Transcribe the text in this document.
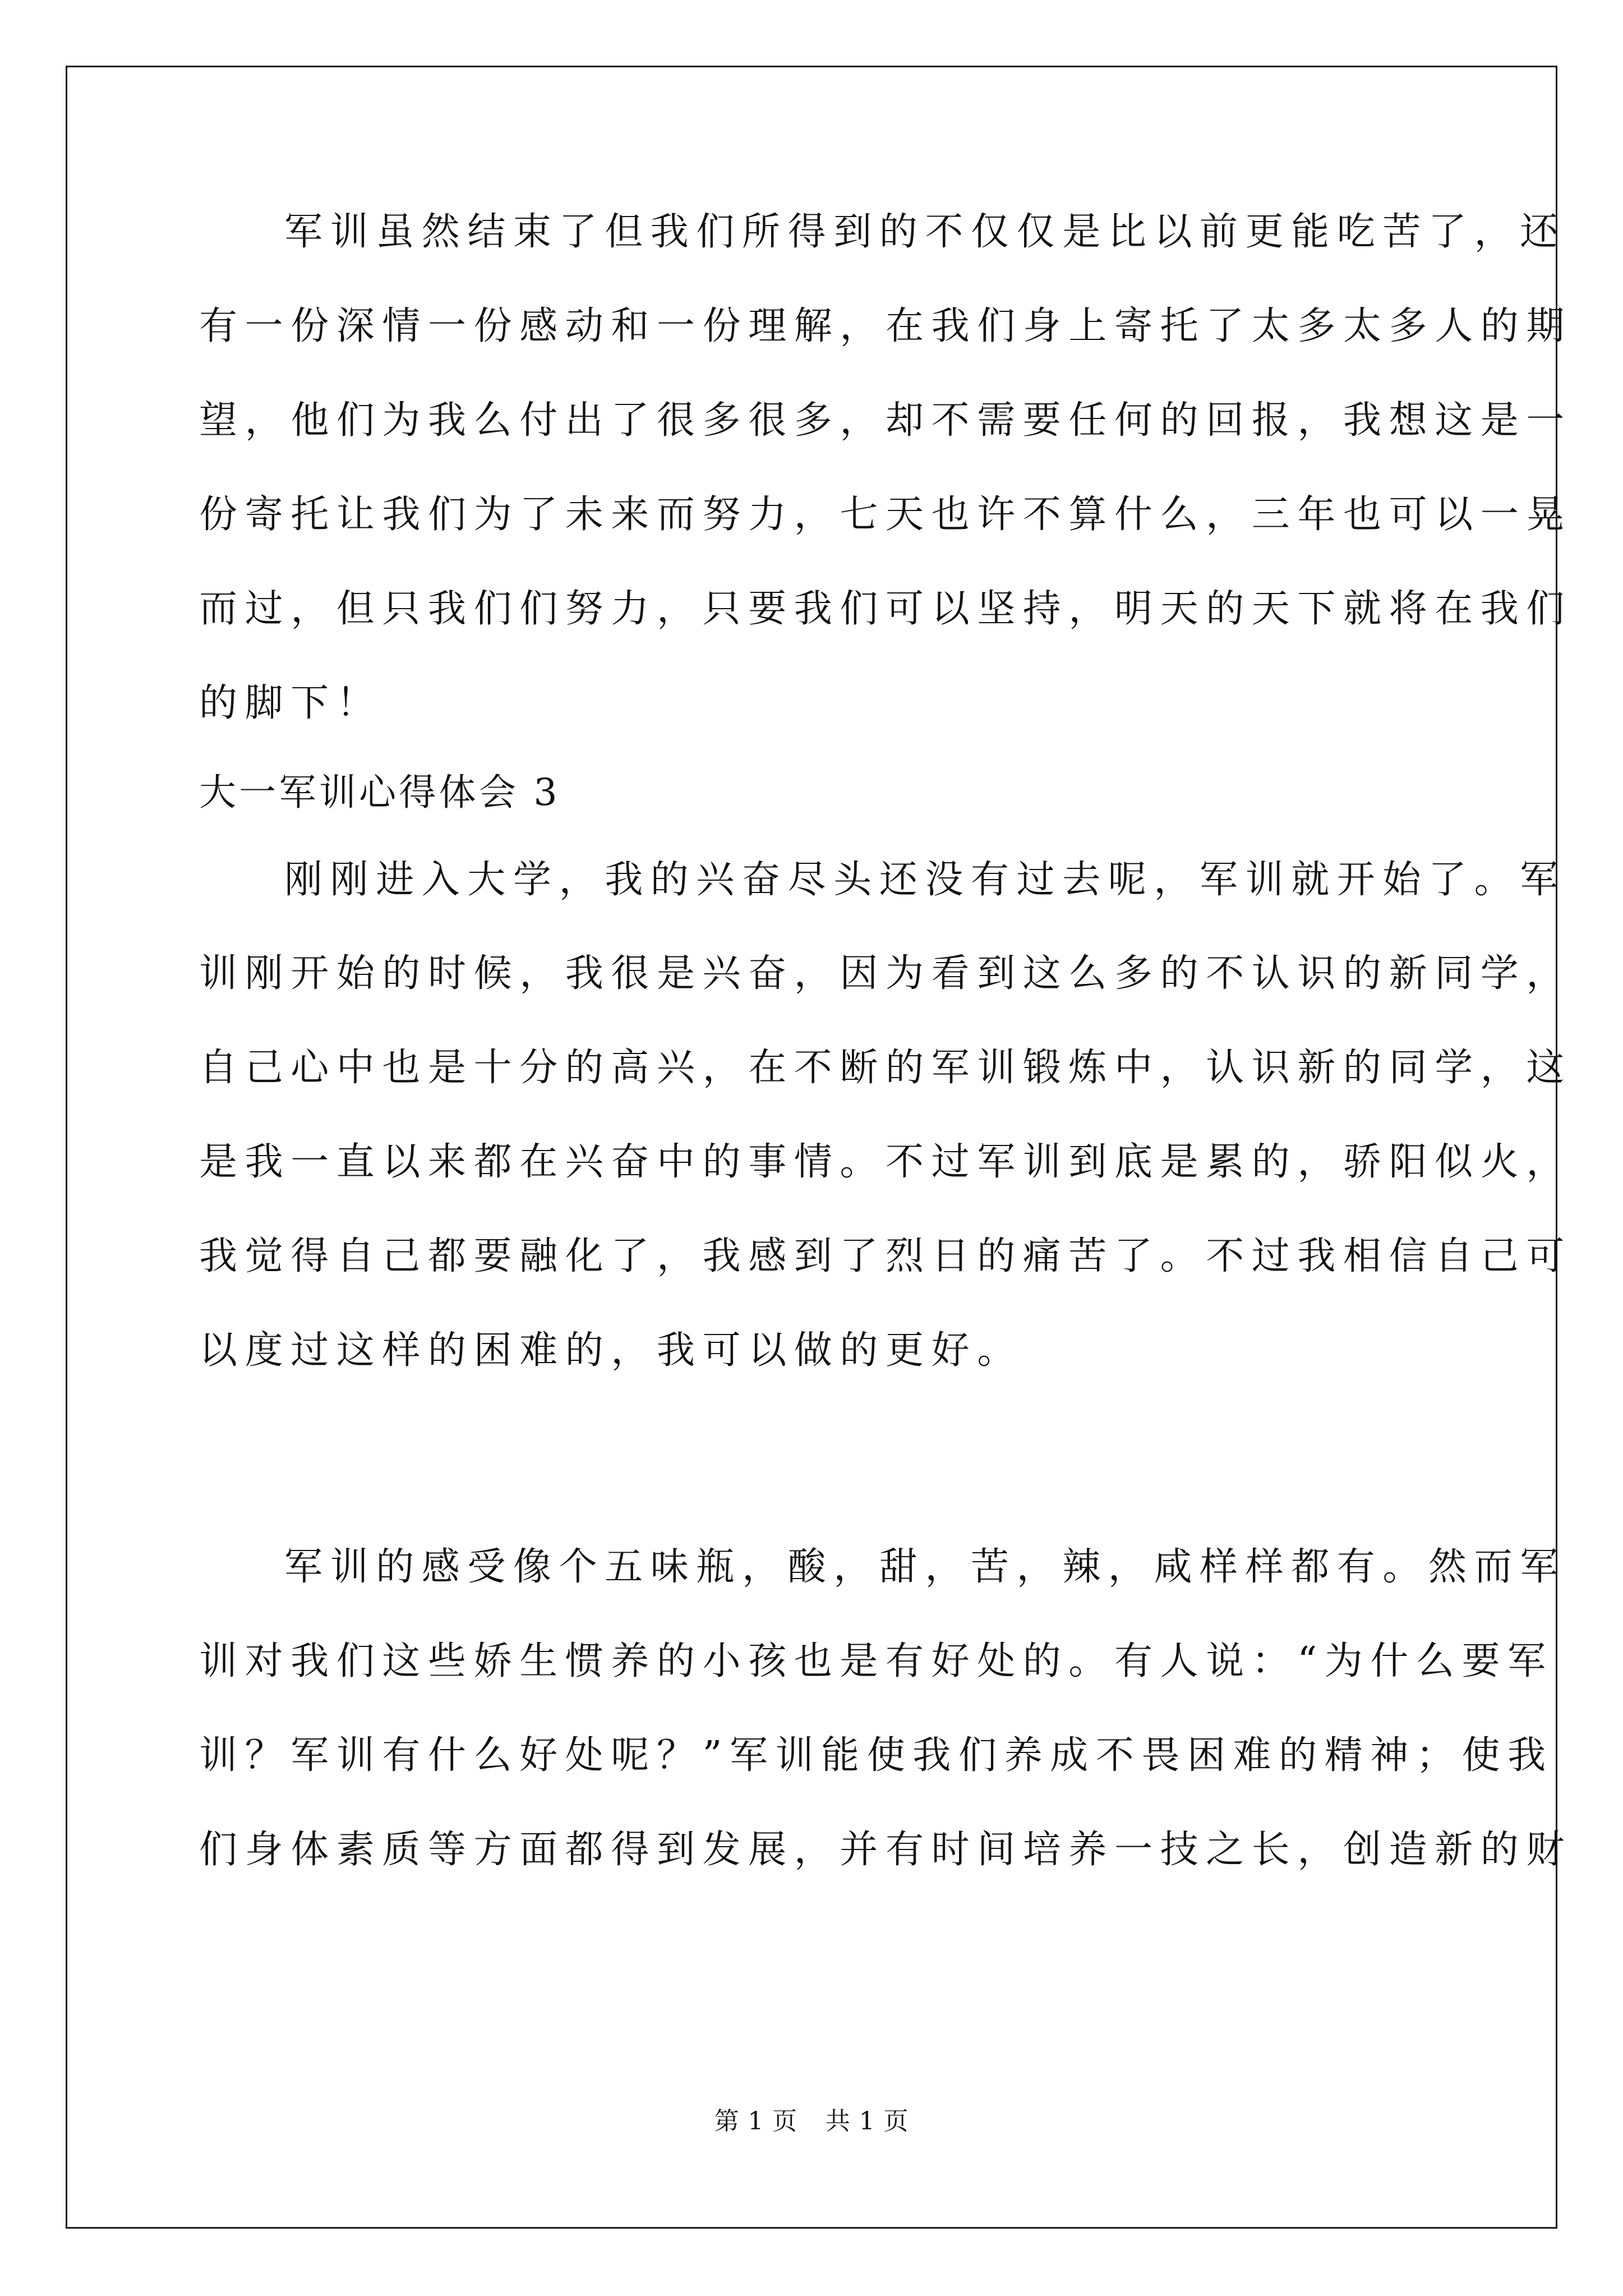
军训虽然结束了但我们所得到的不仅仅是比以前更能吃苦了，还

有一份深情一份感动和一份理解，在我们身上寄托了太多太多人的期

望，他们为我么付出了很多很多，却不需要任何的回报，我想这是一

份寄托让我们为了未来而努力，七天也许不算什么，三年也可以一晃

而过，但只我们们努力，只要我们可以坚持，明天的天下就将在我们

的脚下！

大一军训心得体会 3

刚刚进入大学，我的兴奋尽头还没有过去呢，军训就开始了。军

训刚开始的时候，我很是兴奋，因为看到这么多的不认识的新同学，

自己心中也是十分的高兴，在不断的军训锻炼中，认识新的同学，这

是我一直以来都在兴奋中的事情。不过军训到底是累的，骄阳似火，

我觉得自己都要融化了，我感到了烈日的痛苦了。不过我相信自己可

以度过这样的困难的，我可以做的更好。

军训的感受像个五味瓶，酸，甜，苦，辣，咸样样都有。然而军

训对我们这些娇生惯养的小孩也是有好处的。有人说：“为什么要军

训？军训有什么好处呢？”军训能使我们养成不畏困难的精神；使我

们身体素质等方面都得到发展，并有时间培养一技之长，创造新的财

第 1 页 共 1 页
